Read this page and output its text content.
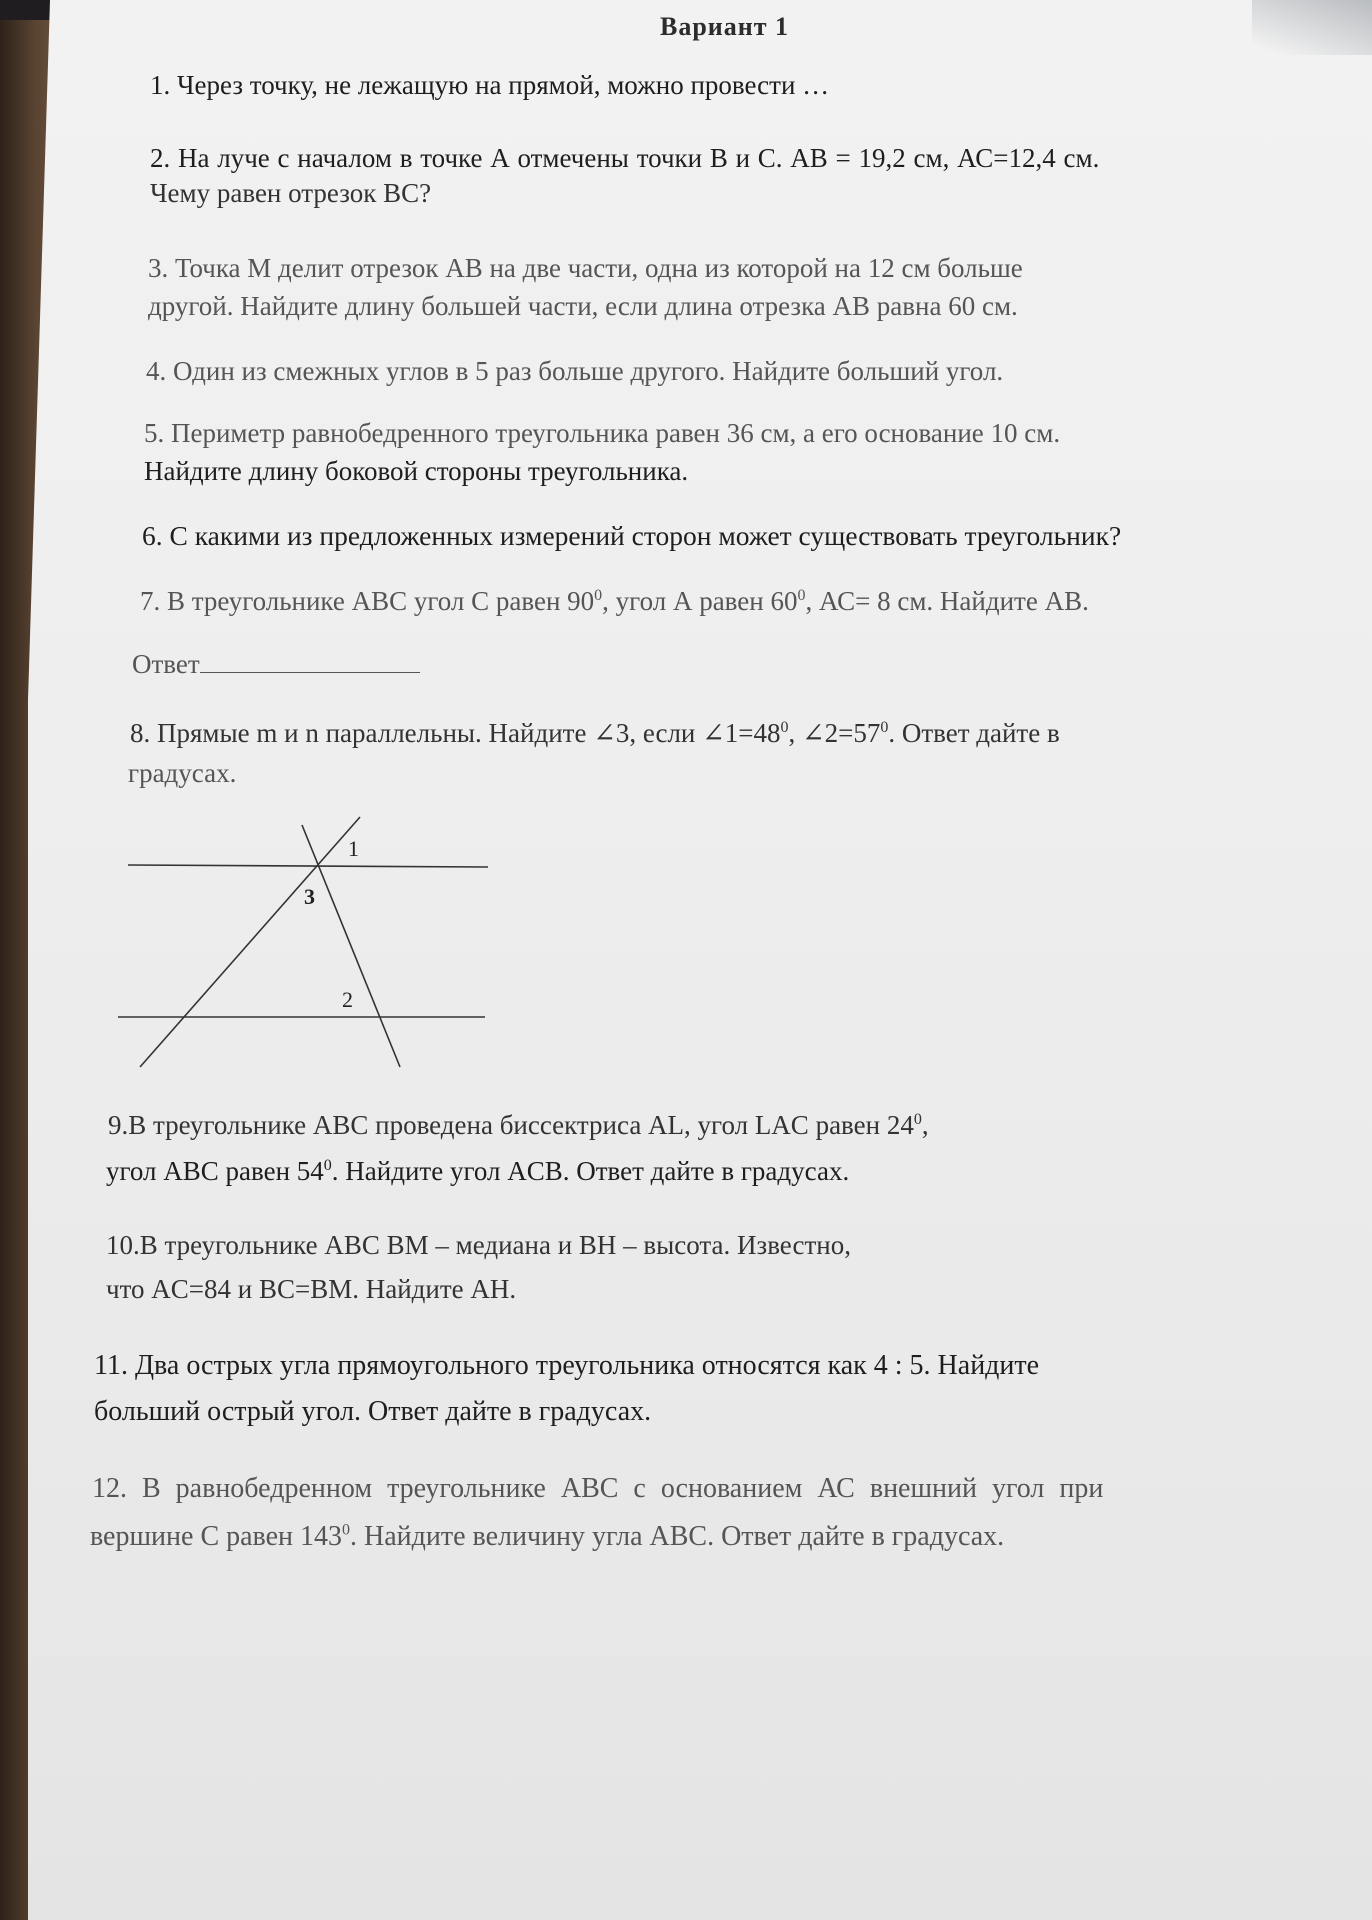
Вариант 1
1. Через точку, не лежащую на прямой, можно провести …
2. На луче с началом в точке А отмечены точки В и С. АВ = 19,2 см, АС=12,4 см.
Чему равен отрезок ВС?
3. Точка М делит отрезок АВ на две части, одна из которой на 12 см больше
другой. Найдите длину большей части, если длина отрезка АВ равна 60 см.
4. Один из смежных углов в 5 раз больше другого. Найдите больший угол.
5. Периметр равнобедренного треугольника равен 36 см, а его основание 10 см.
Найдите длину боковой стороны треугольника.
6. С какими из предложенных измерений сторон может существовать треугольник?
7. В треугольнике АВС угол С равен $90^0$, угол А равен $60^0$, АС= 8 см. Найдите АВ.
Ответ
8. Прямые m и n параллельны. Найдите ∠3, если $\angle 1=48^0$, $\angle 2=57^0$. Ответ дайте в
градусах.
1
3
2
9.В треугольнике ABC проведена биссектриса AL, угол LAC равен $24^0$,
угол ABC равен $54^0$. Найдите угол ACB. Ответ дайте в градусах.
10.В треугольнике ABC BM – медиана и BH – высота. Известно,
что AC=84 и BC=BM. Найдите AH.
11. Два острых угла прямоугольного треугольника относятся как 4 : 5. Найдите
больший острый угол. Ответ дайте в градусах.
12. В равнобедренном треугольнике АВС с основанием АС внешний угол при
вершине С равен $143^0$. Найдите величину угла АВС. Ответ дайте в градусах.
